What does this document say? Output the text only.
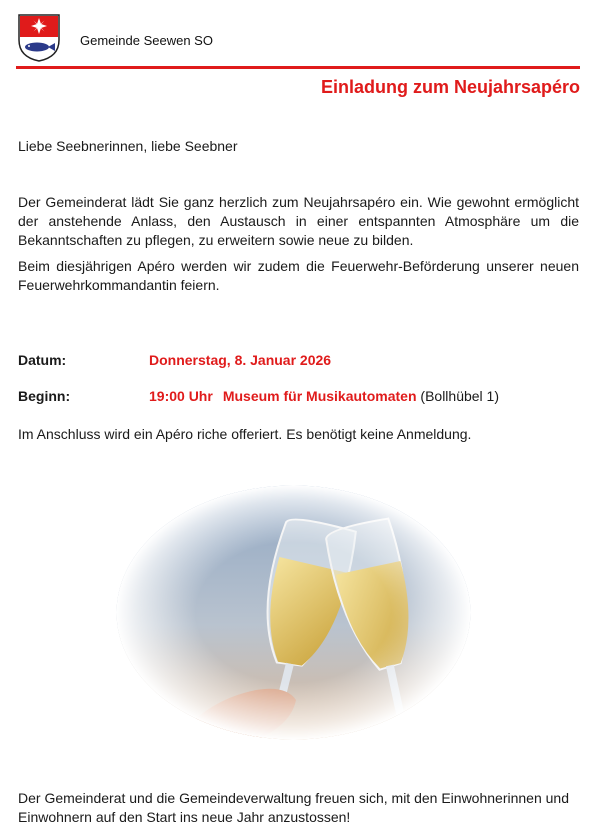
Gemeinde Seewen SO
Einladung zum Neujahrsapéro
Liebe Seebnerinnen, liebe Seebner
Der Gemeinderat lädt Sie ganz herzlich zum Neujahrsapéro ein. Wie gewohnt ermöglicht der anstehende Anlass, den Austausch in einer entspannten Atmosphäre um die Bekanntschaften zu pflegen, zu erweitern sowie neue zu bilden.
Beim diesjährigen Apéro werden wir zudem die Feuerwehr-Beförderung unserer neuen Feuerwehrkommandantin feiern.
Datum:	Donnerstag, 8. Januar 2026
Beginn:	19:00 Uhr Museum für Musikautomaten (Bollhübel 1)
Im Anschluss wird ein Apéro riche offeriert. Es benötigt keine Anmeldung.
Der Gemeinderat und die Gemeindeverwaltung freuen sich, mit den Einwohnerinnen und Einwohnern auf den Start ins neue Jahr anzustossen!
